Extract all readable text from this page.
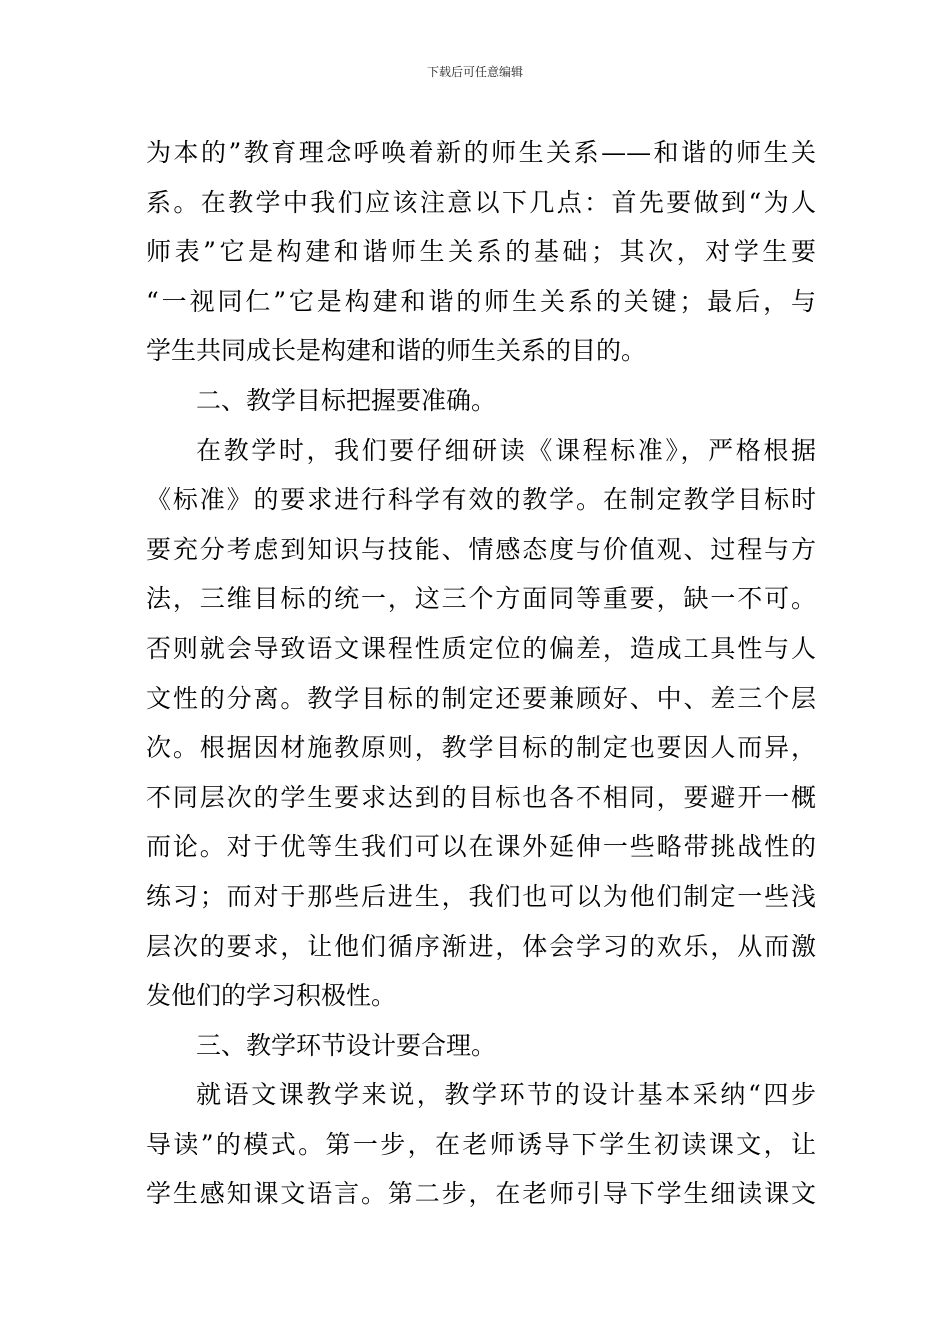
下载后可任意编辑
为本的”教育理念呼唤着新的师生关系——和谐的师生关
系。在教学中我们应该注意以下几点：首先要做到“为人
师表”它是构建和谐师生关系的基础；其次，对学生要
“一视同仁”它是构建和谐的师生关系的关键；最后，与
学生共同成长是构建和谐的师生关系的目的。
二、教学目标把握要准确。
在教学时，我们要仔细研读《课程标准》，严格根据
《标准》的要求进行科学有效的教学。在制定教学目标时
要充分考虑到知识与技能、情感态度与价值观、过程与方
法，三维目标的统一，这三个方面同等重要，缺一不可。
否则就会导致语文课程性质定位的偏差，造成工具性与人
文性的分离。教学目标的制定还要兼顾好、中、差三个层
次。根据因材施教原则，教学目标的制定也要因人而异，
不同层次的学生要求达到的目标也各不相同，要避开一概
而论。对于优等生我们可以在课外延伸一些略带挑战性的
练习；而对于那些后进生，我们也可以为他们制定一些浅
层次的要求，让他们循序渐进，体会学习的欢乐，从而激
发他们的学习积极性。
三、教学环节设计要合理。
就语文课教学来说，教学环节的设计基本采纳“四步
导读”的模式。第一步，在老师诱导下学生初读课文，让
学生感知课文语言。第二步，在老师引导下学生细读课文
